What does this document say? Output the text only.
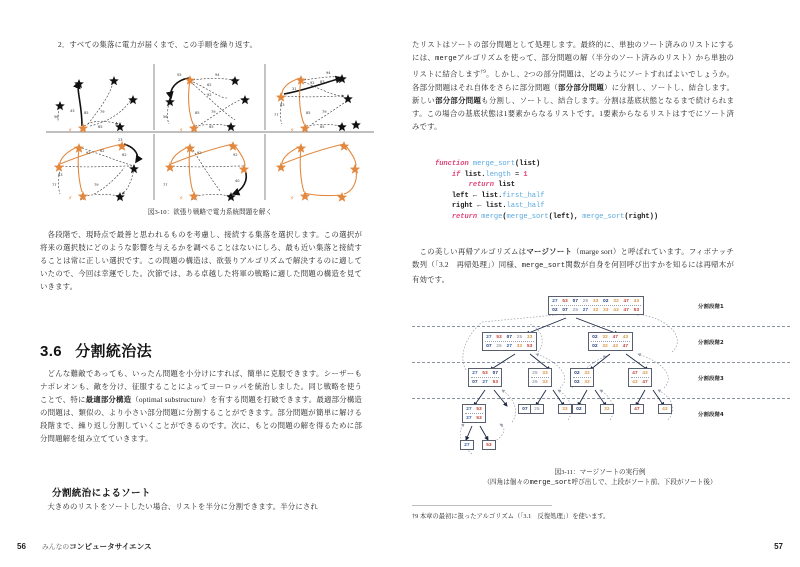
2．すべての集落に電力が届くまで、この手順を繰り返す。
56
43	85	79
65
⚡
55	94
62
92
56
85	79
65
⚡
31
94
92 83
83
77	85	79
65
⚡
23
92	62
62
83
77	79
⚡
92	92
77
40
⚡	⚡
図3-10：欲張り戦略で電力系統問題を解く
各段階で、現時点で最善と思われるものを考慮し、接続する集落を選択します。この選択が将来の選択肢にどのような影響を与えるかを調べることはないにしろ、最も近い集落と接続することは常に正しい選択です。この問題の構造は、欲張りアルゴリズムで解決するのに適していたので、今回は幸運でした。次節では、ある卓越した将軍の戦略に適した問題の構造を見ていきます。
3.6 分割統治法
どんな難敵であっても、いったん問題を小分けにすれば、簡単に克服できます。シーザーもナポレオンも、敵を分け、征服することによってヨーロッパを統治しました。同じ戦略を使うことで、特に最適部分構造（optimal substructure）を有する問題を打破できます。最適部分構造の問題は、類似の、より小さい部分問題に分割することができます。部分問題が簡単に解ける段階まで、繰り返し分割していくことができるのです。次に、もとの問題の解を得るために部分問題解を組み立てていきます。
分割統治によるソート
大きめのリストをソートしたい場合、リストを半分に分割できます。半分にされ
56 みんなのコンピュータサイエンス
たリストはソートの部分問題として処理します。最終的に、単独のソート済みのリストにするには、mergeアルゴリズムを使って、部分問題の解（半分のソート済みのリスト）から単独のリストに結合します$^{\dagger 9}$。しかし、2つの部分問題は、どのようにソートすればよいでしょうか。各部分問題はそれ自体をさらに部分問題（部分部分問題）に分割し、ソートし、結合します。新しい部分部分問題も分割し、ソートし、結合します。分割は基底状態となるまで続けられます。この場合の基底状態は1要素からなるリストです。1要素からなるリストはすでにソート済みです。
function merge_sort(list)
if list.length = 1
return list
left ← list.first_half
right ← list.last_half
return merge(merge_sort(left), merge_sort(right))
この美しい再帰アルゴリズムはマージソート（marge sort）と呼ばれています。フィボナッチ数列（「3.2　再帰処理」）同様、merge_sort関数が自身を何回呼び出すかを知るには再帰木が有効です。
27 53 07 25 33 02 32 47 43
02 07 25 27 32 33 43 47 53
27 53 07 25 33
07 25 27 33 53
02 32 47 43
02 32 43 47
27 53 07
07 27 53
25 33
25 33
02 32
02 32
47 43
43 47
27 53
27 53
07 25	33 02	32	47	43
27	53
分割段階1
分割段階2
分割段階3
分割段階4
図3-11：マージソートの実行例
（四角は個々のmerge_sort呼び出しで、上段がソート前、下段がソート後）
†9 本章の最初に扱ったアルゴリズム（「3.1　反復処理」）を使います。
57
